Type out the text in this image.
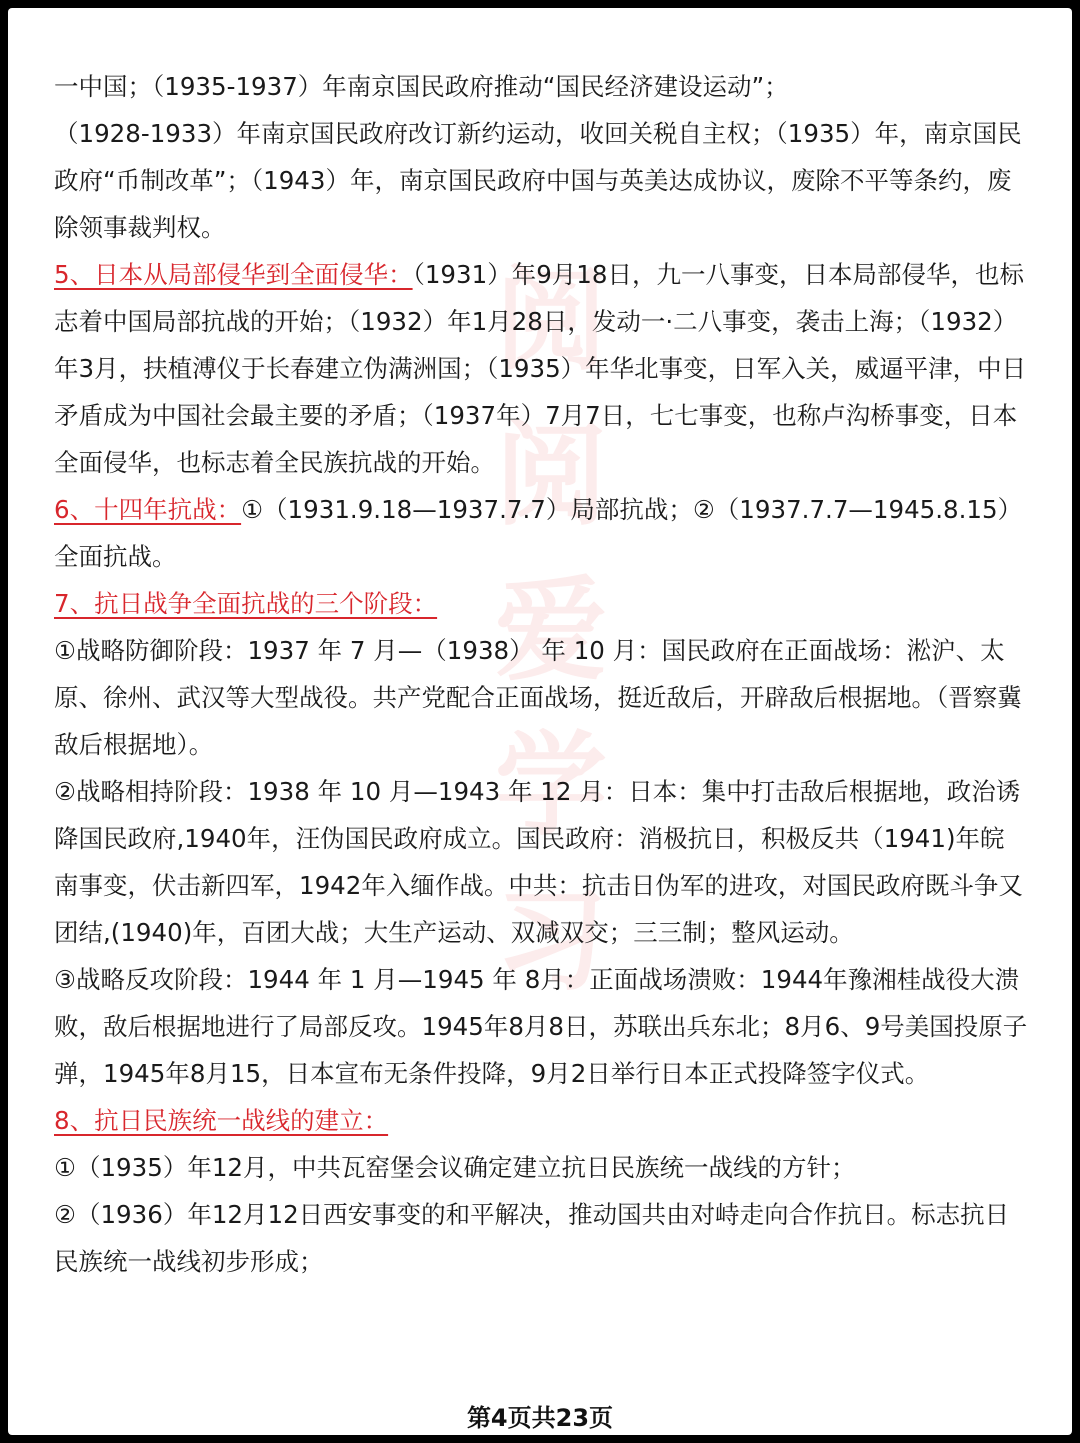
阅
阅
爱
学
习

一中国；（1935-1937）年南京国民政府推动“国民经济建设运动”；

（1928-1933）年南京国民政府改订新约运动，收回关税自主权；（1935）年，南京国民政府“币制改革”；（1943）年，南京国民政府中国与英美达成协议，废除不平等条约，废除领事裁判权。

5、日本从局部侵华到全面侵华：（1931）年9月18日，九一八事变，日本局部侵华，也标志着中国局部抗战的开始；（1932）年1月28日，发动一·二八事变，袭击上海；（1932）年3月，扶植溥仪于长春建立伪满洲国；（1935）年华北事变，日军入关，威逼平津，中日矛盾成为中国社会最主要的矛盾；（1937年）7月7日，七七事变，也称卢沟桥事变，日本全面侵华，也标志着全民族抗战的开始。

6、十四年抗战：①（1931.9.18—1937.7.7）局部抗战；②（1937.7.7—1945.8.15）全面抗战。

7、抗日战争全面抗战的三个阶段：

①战略防御阶段：1937 年 7 月—（1938） 年 10 月：国民政府在正面战场：淞沪、太原、徐州、武汉等大型战役。共产党配合正面战场，挺近敌后，开辟敌后根据地。（晋察冀敌后根据地）。

②战略相持阶段：1938 年 10 月—1943 年 12 月：日本：集中打击敌后根据地，政治诱降国民政府,1940年，汪伪国民政府成立。国民政府：消极抗日，积极反共（1941)年皖南事变，伏击新四军，1942年入缅作战。中共：抗击日伪军的进攻，对国民政府既斗争又团结,(1940)年，百团大战；大生产运动、双减双交；三三制；整风运动。

③战略反攻阶段：1944 年 1 月—1945 年 8月：正面战场溃败：1944年豫湘桂战役大溃败，敌后根据地进行了局部反攻。1945年8月8日，苏联出兵东北；8月6、9号美国投原子弹，1945年8月15，日本宣布无条件投降，9月2日举行日本正式投降签字仪式。

8、抗日民族统一战线的建立：

①（1935）年12月，中共瓦窑堡会议确定建立抗日民族统一战线的方针；

②（1936）年12月12日西安事变的和平解决，推动国共由对峙走向合作抗日。标志抗日民族统一战线初步形成；

第4页共23页
